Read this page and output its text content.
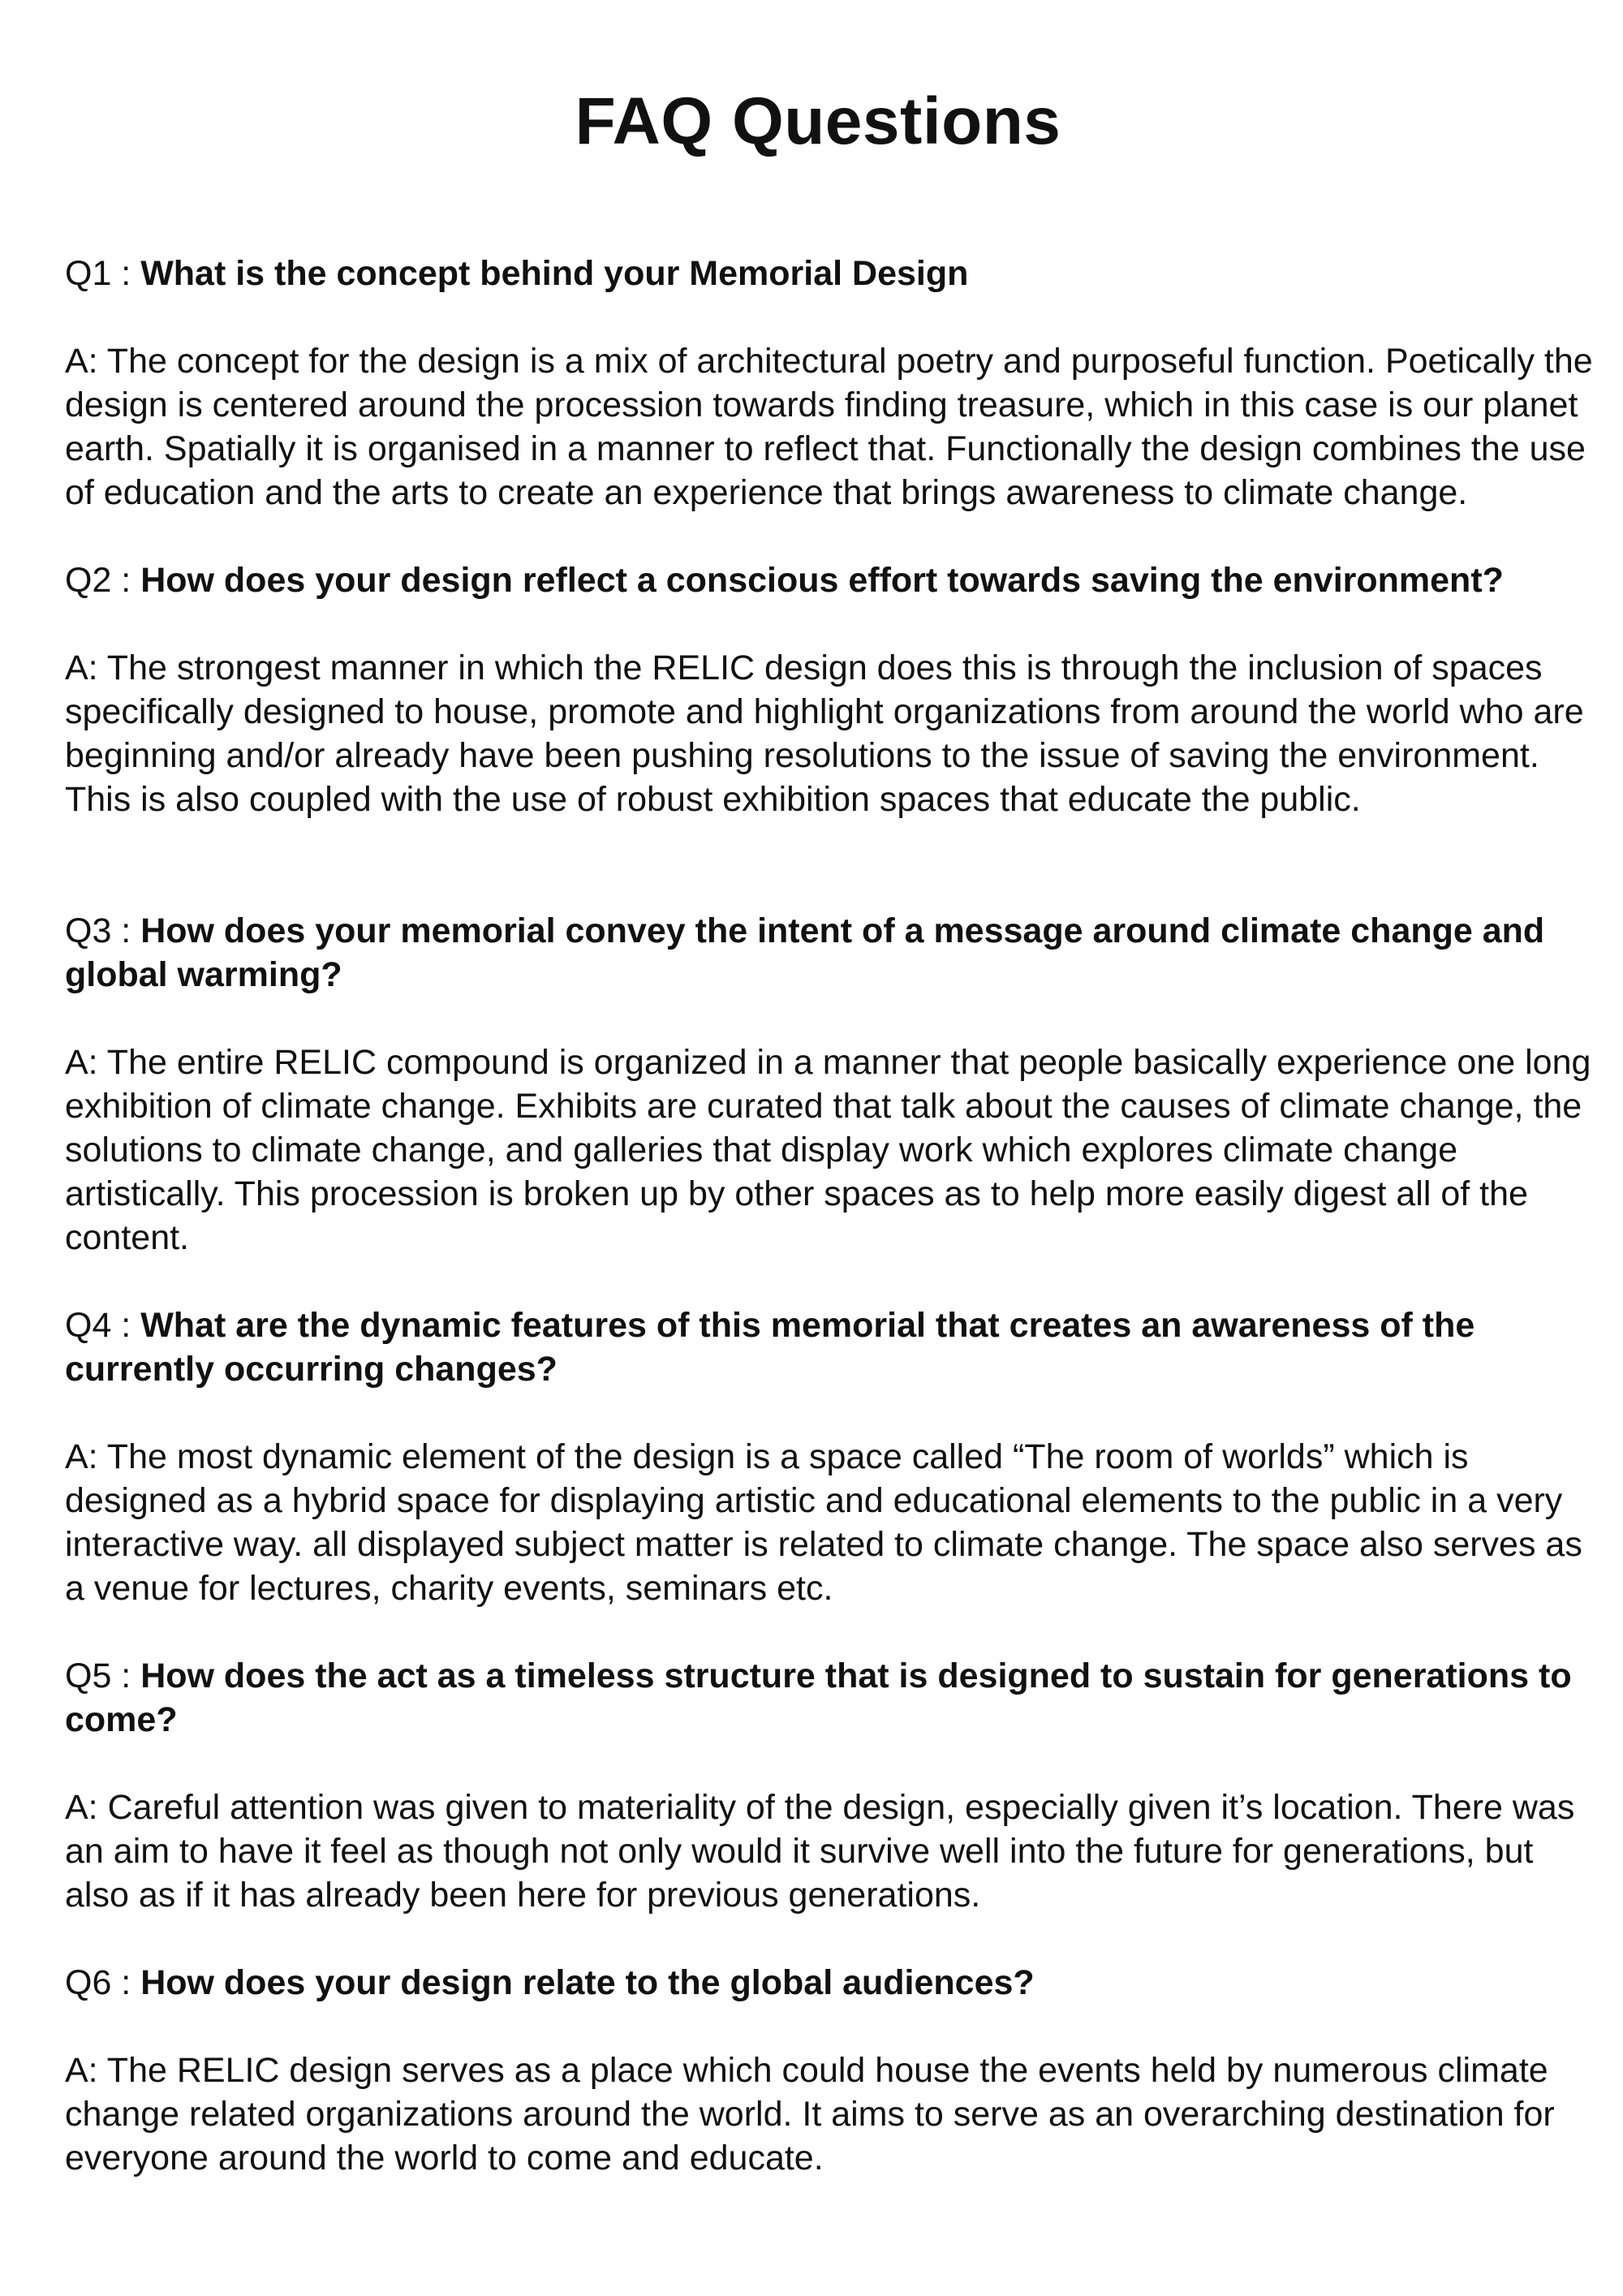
FAQ Questions

Q1 : What is the concept behind your Memorial Design

A: The concept for the design is a mix of architectural poetry and purposeful function. Poetically the design is centered around the procession towards finding treasure, which in this case is our planet earth. Spatially it is organised in a manner to reflect that. Functionally the design combines the use of education and the arts to create an experience that brings awareness to climate change.

Q2 : How does your design reflect a conscious effort towards saving the environment?

A: The strongest manner in which the RELIC design does this is through the inclusion of spaces specifically designed to house, promote and highlight organizations from around the world who are beginning and/or already have been pushing resolutions to the issue of saving the environment. This is also coupled with the use of robust exhibition spaces that educate the public.

Q3 : How does your memorial convey the intent of a message around climate change and global warming?

A: The entire RELIC compound is organized in a manner that people basically experience one long exhibition of climate change. Exhibits are curated that talk about the causes of climate change, the solutions to climate change, and galleries that display work which explores climate change artistically. This procession is broken up by other spaces as to help more easily digest all of the content.

Q4 : What are the dynamic features of this memorial that creates an awareness of the currently occurring changes?

A: The most dynamic element of the design is a space called “The room of worlds” which is designed as a hybrid space for displaying artistic and educational elements to the public in a very interactive way. all displayed subject matter is related to climate change. The space also serves as a venue for lectures, charity events, seminars etc.

Q5 : How does the act as a timeless structure that is designed to sustain for generations to come?

A: Careful attention was given to materiality of the design, especially given it’s location. There was an aim to have it feel as though not only would it survive well into the future for generations, but also as if it has already been here for previous generations.

Q6 : How does your design relate to the global audiences?

A: The RELIC design serves as a place which could house the events held by numerous climate change related organizations around the world. It aims to serve as an overarching destination for everyone around the world to come and educate.
